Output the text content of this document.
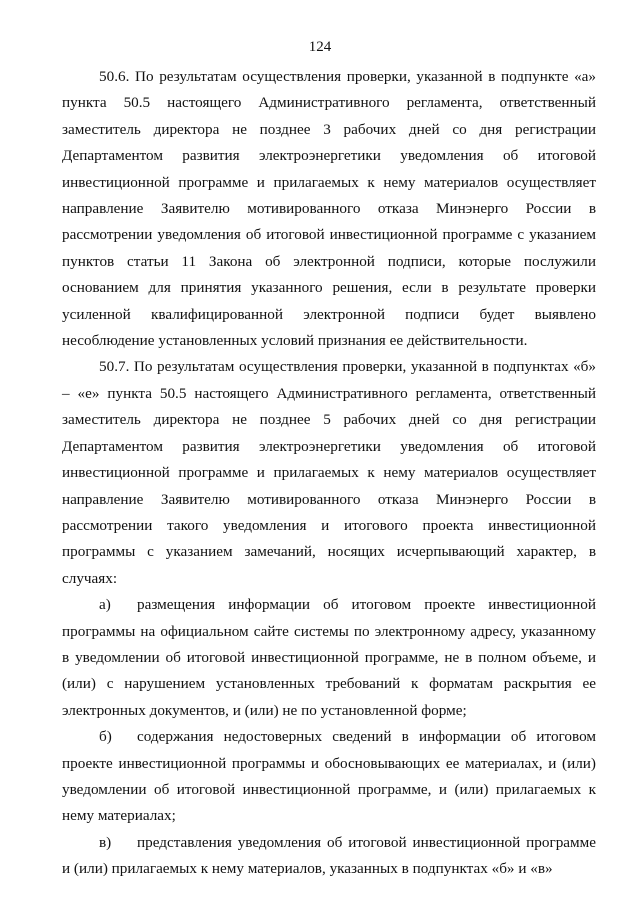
124

50.6. По результатам осуществления проверки, указанной в подпункте «а» пункта 50.5 настоящего Административного регламента, ответственный заместитель директора не позднее 3 рабочих дней со дня регистрации Департаментом развития электроэнергетики уведомления об итоговой инвестиционной программе и прилагаемых к нему материалов осуществляет направление Заявителю мотивированного отказа Минэнерго России в рассмотрении уведомления об итоговой инвестиционной программе с указанием пунктов статьи 11 Закона об электронной подписи, которые послужили основанием для принятия указанного решения, если в результате проверки усиленной квалифицированной электронной подписи будет выявлено несоблюдение установленных условий признания ее действительности.

50.7. По результатам осуществления проверки, указанной в подпунктах «б» – «е» пункта 50.5 настоящего Административного регламента, ответственный заместитель директора не позднее 5 рабочих дней со дня регистрации Департаментом развития электроэнергетики уведомления об итоговой инвестиционной программе и прилагаемых к нему материалов осуществляет направление Заявителю мотивированного отказа Минэнерго России в рассмотрении такого уведомления и итогового проекта инвестиционной программы с указанием замечаний, носящих исчерпывающий характер, в случаях:

а) размещения информации об итоговом проекте инвестиционной программы на официальном сайте системы по электронному адресу, указанному в уведомлении об итоговой инвестиционной программе, не в полном объеме, и (или) с нарушением установленных требований к форматам раскрытия ее электронных документов, и (или) не по установленной форме;

б) содержания недостоверных сведений в информации об итоговом проекте инвестиционной программы и обосновывающих ее материалах, и (или) уведомлении об итоговой инвестиционной программе, и (или) прилагаемых к нему материалах;

в) представления уведомления об итоговой инвестиционной программе и (или) прилагаемых к нему материалов, указанных в подпунктах «б» и «в»
